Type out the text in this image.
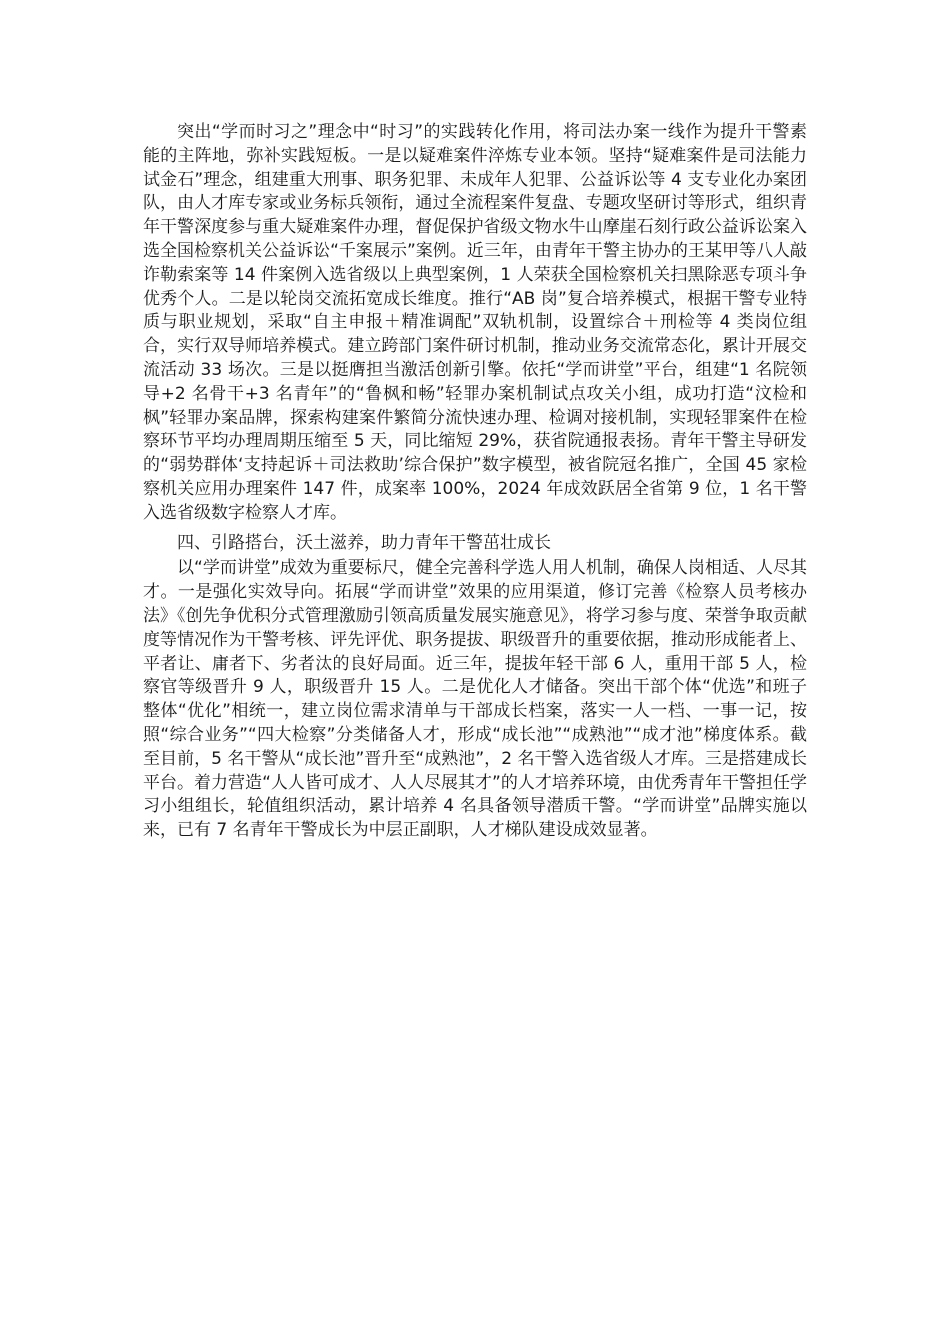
突出“学而时习之”理念中“时习”的实践转化作用，将司法办案一线作为提升干警素能的主阵地，弥补实践短板。一是以疑难案件淬炼专业本领。坚持“疑难案件是司法能力试金石”理念，组建重大刑事、职务犯罪、未成年人犯罪、公益诉讼等 4 支专业化办案团队，由人才库专家或业务标兵领衔，通过全流程案件复盘、专题攻坚研讨等形式，组织青年干警深度参与重大疑难案件办理，督促保护省级文物水牛山摩崖石刻行政公益诉讼案入选全国检察机关公益诉讼“千案展示”案例。近三年，由青年干警主协办的王某甲等八人敲诈勒索案等 14 件案例入选省级以上典型案例，1 人荣获全国检察机关扫黑除恶专项斗争优秀个人。二是以轮岗交流拓宽成长维度。推行“AB 岗”复合培养模式，根据干警专业特质与职业规划，采取“自主申报＋精准调配”双轨机制，设置综合＋刑检等 4 类岗位组合，实行双导师培养模式。建立跨部门案件研讨机制，推动业务交流常态化，累计开展交流活动 33 场次。三是以挺膺担当激活创新引擎。依托“学而讲堂”平台，组建“1 名院领导+2 名骨干+3 名青年”的“鲁枫和畅”轻罪办案机制试点攻关小组，成功打造“汶检和枫”轻罪办案品牌，探索构建案件繁简分流快速办理、检调对接机制，实现轻罪案件在检察环节平均办理周期压缩至 5 天，同比缩短 29%，获省院通报表扬。青年干警主导研发的“弱势群体‘支持起诉＋司法救助’综合保护”数字模型，被省院冠名推广，全国 45 家检察机关应用办理案件 147 件，成案率 100%，2024 年成效跃居全省第 9 位，1 名干警入选省级数字检察人才库。

四、引路搭台，沃土滋养，助力青年干警茁壮成长

以“学而讲堂”成效为重要标尺，健全完善科学选人用人机制，确保人岗相适、人尽其才。一是强化实效导向。拓展“学而讲堂”效果的应用渠道，修订完善《检察人员考核办法》《创先争优积分式管理激励引领高质量发展实施意见》，将学习参与度、荣誉争取贡献度等情况作为干警考核、评先评优、职务提拔、职级晋升的重要依据，推动形成能者上、平者让、庸者下、劣者汰的良好局面。近三年，提拔年轻干部 6 人，重用干部 5 人，检察官等级晋升 9 人，职级晋升 15 人。二是优化人才储备。突出干部个体“优选”和班子整体“优化”相统一，建立岗位需求清单与干部成长档案，落实一人一档、一事一记，按照“综合业务”“四大检察”分类储备人才，形成“成长池”“成熟池”“成才池”梯度体系。截至目前，5 名干警从“成长池”晋升至“成熟池”，2 名干警入选省级人才库。三是搭建成长平台。着力营造“人人皆可成才、人人尽展其才”的人才培养环境，由优秀青年干警担任学习小组组长，轮值组织活动，累计培养 4 名具备领导潜质干警。“学而讲堂”品牌实施以来，已有 7 名青年干警成长为中层正副职，人才梯队建设成效显著。
